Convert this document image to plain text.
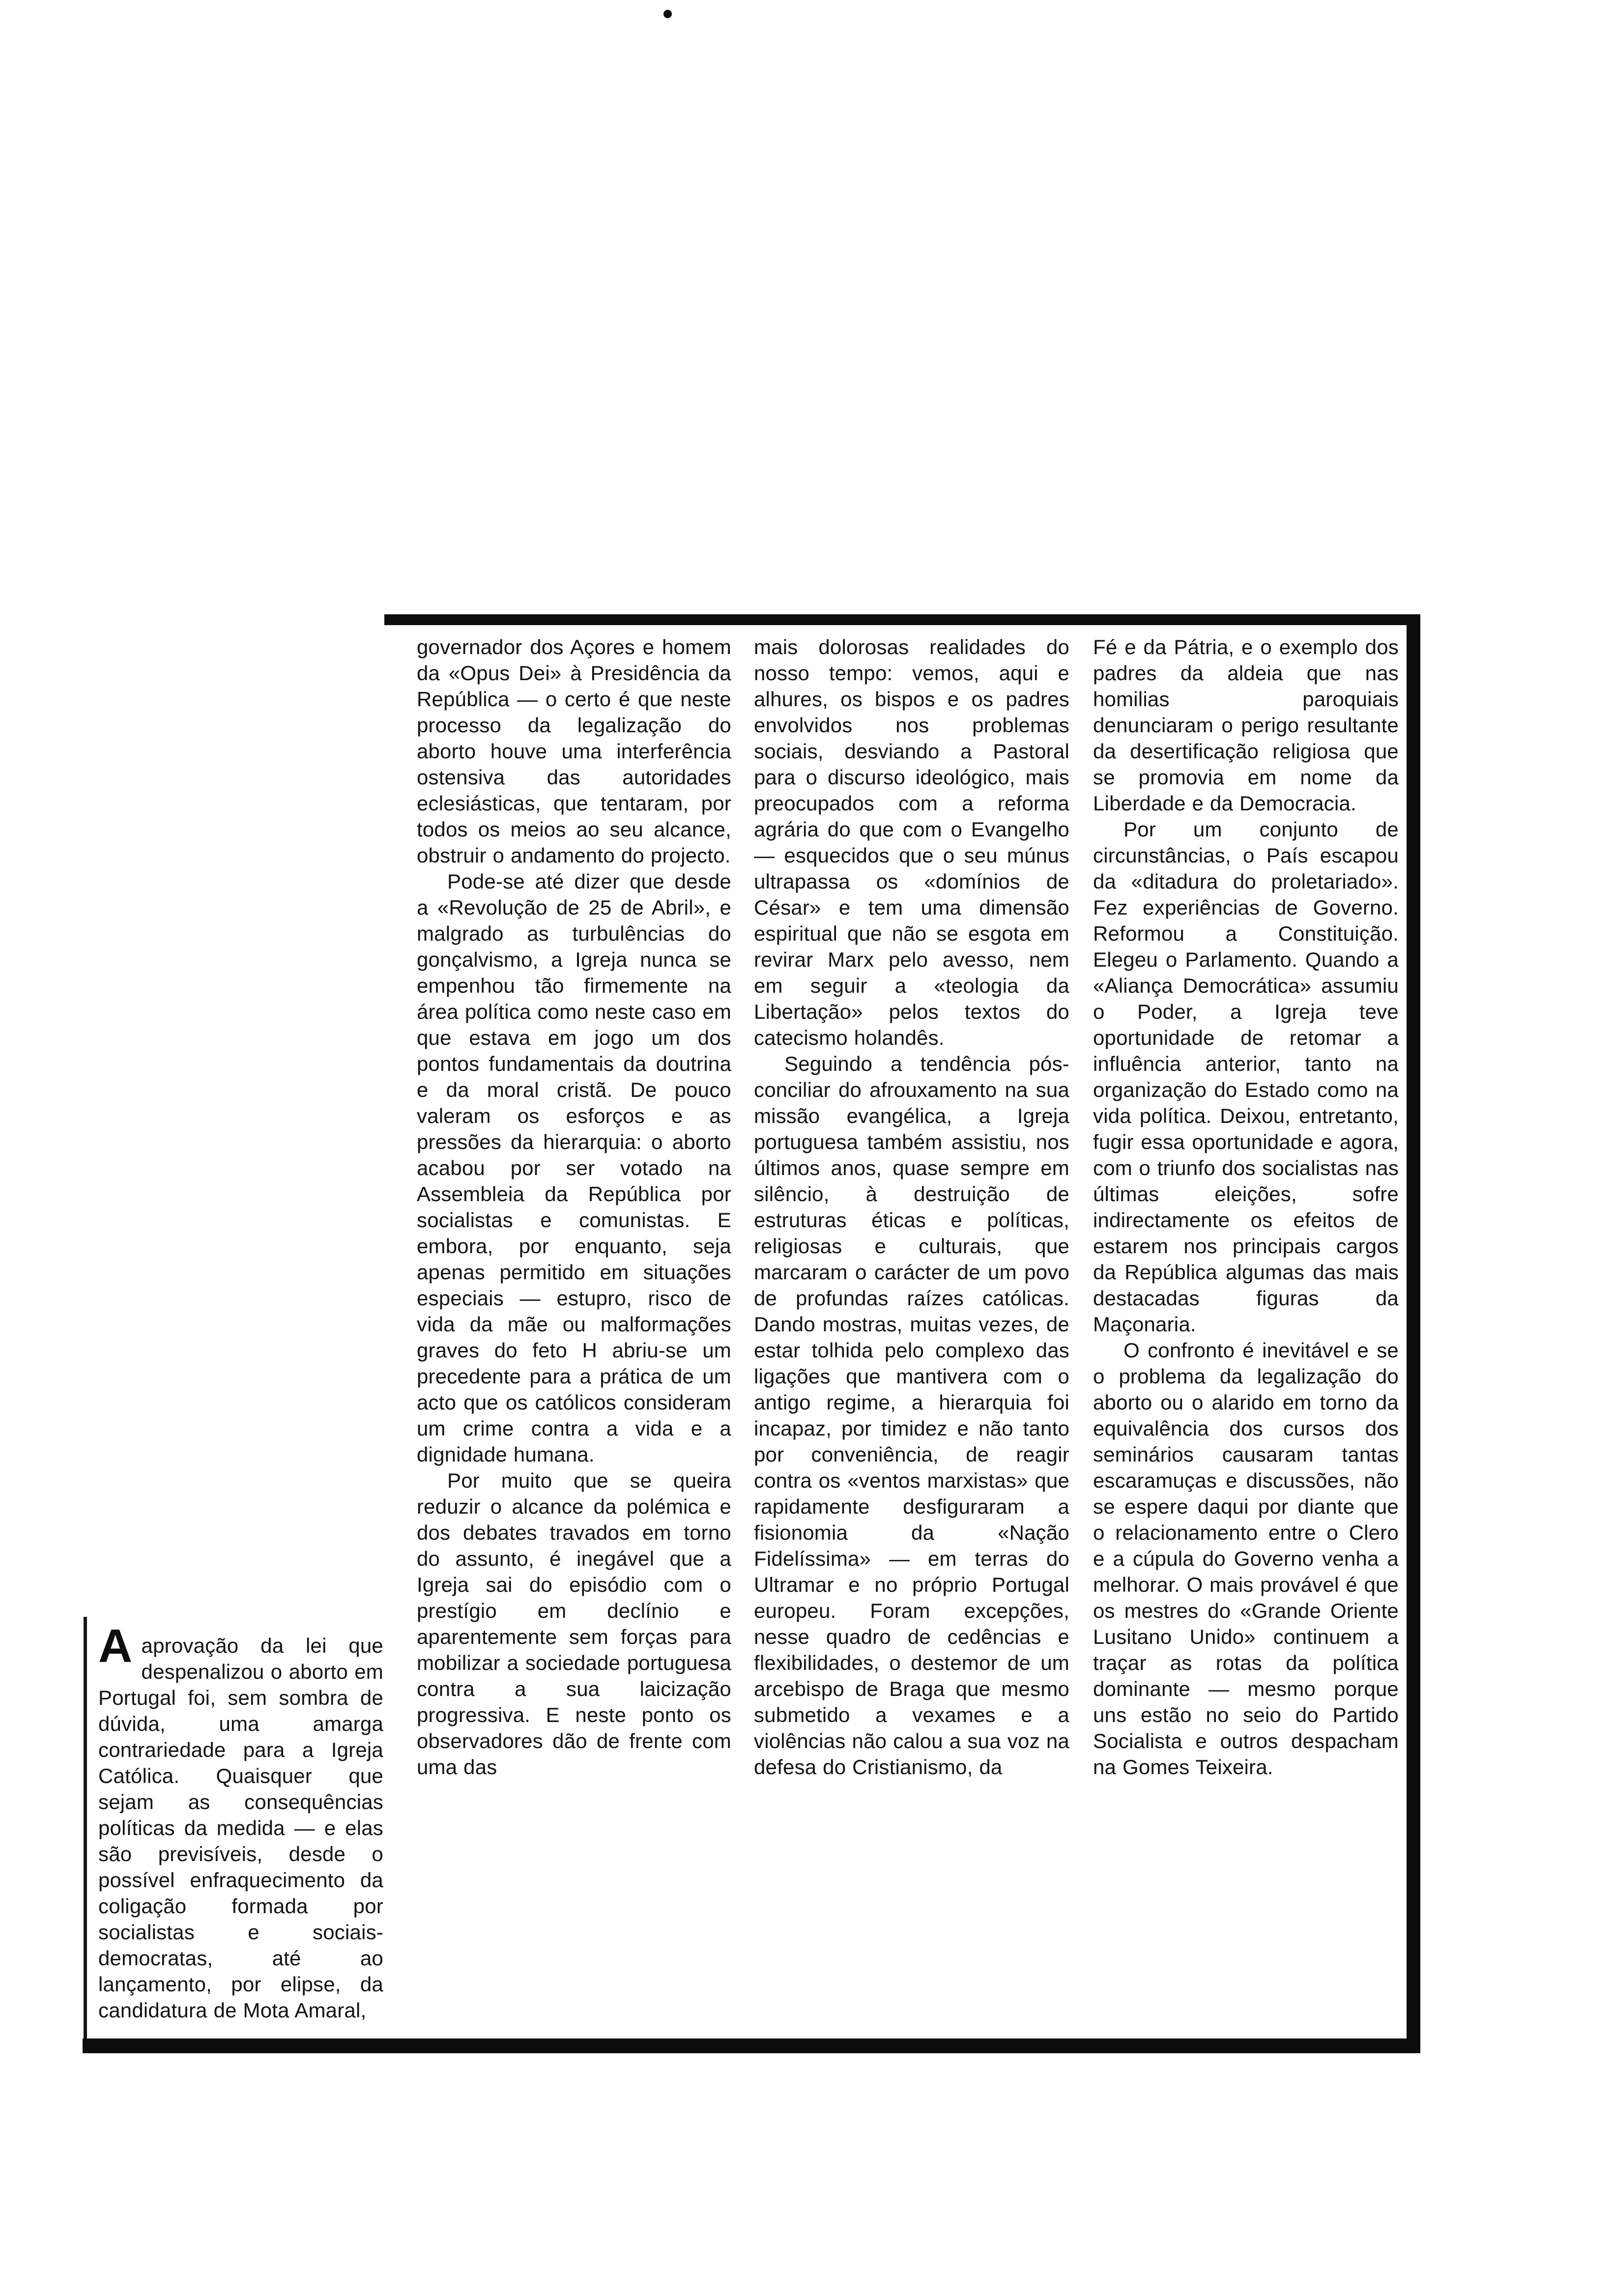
Aaprovação da lei que despenalizou o aborto em Portugal foi, sem sombra de dúvida, uma amarga contrariedade para a Igreja Católica. Quaisquer que sejam as consequências políticas da medida — e elas são previsíveis, desde o possível enfraquecimento da coligação formada por socialistas e sociais-democratas, até ao lançamento, por elipse, da candidatura de Mota Amaral,

governador dos Açores e homem da «Opus Dei» à Presidência da República — o certo é que neste processo da legalização do aborto houve uma interferência ostensiva das autoridades eclesiásticas, que tentaram, por todos os meios ao seu alcance, obstruir o andamento do projecto.

Pode-se até dizer que desde a «Revolução de 25 de Abril», e malgrado as turbulências do gonçalvismo, a Igreja nunca se empenhou tão firmemente na área política como neste caso em que estava em jogo um dos pontos fundamentais da doutrina e da moral cristã. De pouco valeram os esforços e as pressões da hierarquia: o aborto acabou por ser votado na Assembleia da República por socialistas e comunistas. E embora, por enquanto, seja apenas permitido em situações especiais — estupro, risco de vida da mãe ou malformações graves do feto H abriu-se um precedente para a prática de um acto que os católicos consideram um crime contra a vida e a dignidade humana.

Por muito que se queira reduzir o alcance da polémica e dos debates travados em torno do assunto, é inegável que a Igreja sai do episódio com o prestígio em declínio e aparentemente sem forças para mobilizar a sociedade portuguesa contra a sua laicização progressiva. E neste ponto os observadores dão de frente com uma das

mais dolorosas realidades do nosso tempo: vemos, aqui e alhures, os bispos e os padres envolvidos nos problemas sociais, desviando a Pastoral para o discurso ideológico, mais preocupados com a reforma agrária do que com o Evangelho — esquecidos que o seu múnus ultrapassa os «domínios de César» e tem uma dimensão espiritual que não se esgota em revirar Marx pelo avesso, nem em seguir a «teologia da Libertação» pelos textos do catecismo holandês.

Seguindo a tendência pós-conciliar do afrouxamento na sua missão evangélica, a Igreja portuguesa também assistiu, nos últimos anos, quase sempre em silêncio, à destruição de estruturas éticas e políticas, religiosas e culturais, que marcaram o carácter de um povo de profundas raízes católicas. Dando mostras, muitas vezes, de estar tolhida pelo complexo das ligações que mantivera com o antigo regime, a hierarquia foi incapaz, por timidez e não tanto por conveniência, de reagir contra os «ventos marxistas» que rapidamente desfiguraram a fisionomia da «Nação Fidelíssima» — em terras do Ultramar e no próprio Portugal europeu. Foram excepções, nesse quadro de cedências e flexibilidades, o destemor de um arcebispo de Braga que mesmo submetido a vexames e a violências não calou a sua voz na defesa do Cristianismo, da

Fé e da Pátria, e o exemplo dos padres da aldeia que nas homilias paroquiais denunciaram o perigo resultante da desertificação religiosa que se promovia em nome da Liberdade e da Democracia.

Por um conjunto de circunstâncias, o País escapou da «ditadura do proletariado». Fez experiências de Governo. Reformou a Constituição. Elegeu o Parlamento. Quando a «Aliança Democrática» assumiu o Poder, a Igreja teve oportunidade de retomar a influência anterior, tanto na organização do Estado como na vida política. Deixou, entretanto, fugir essa oportunidade e agora, com o triunfo dos socialistas nas últimas eleições, sofre indirectamente os efeitos de estarem nos principais cargos da República algumas das mais destacadas figuras da Maçonaria.

O confronto é inevitável e se o problema da legalização do aborto ou o alarido em torno da equivalência dos cursos dos seminários causaram tantas escaramuças e discussões, não se espere daqui por diante que o relacionamento entre o Clero e a cúpula do Governo venha a melhorar. O mais provável é que os mestres do «Grande Oriente Lusitano Unido» continuem a traçar as rotas da política dominante — mesmo porque uns estão no seio do Partido Socialista e outros despacham na Gomes Teixeira.
